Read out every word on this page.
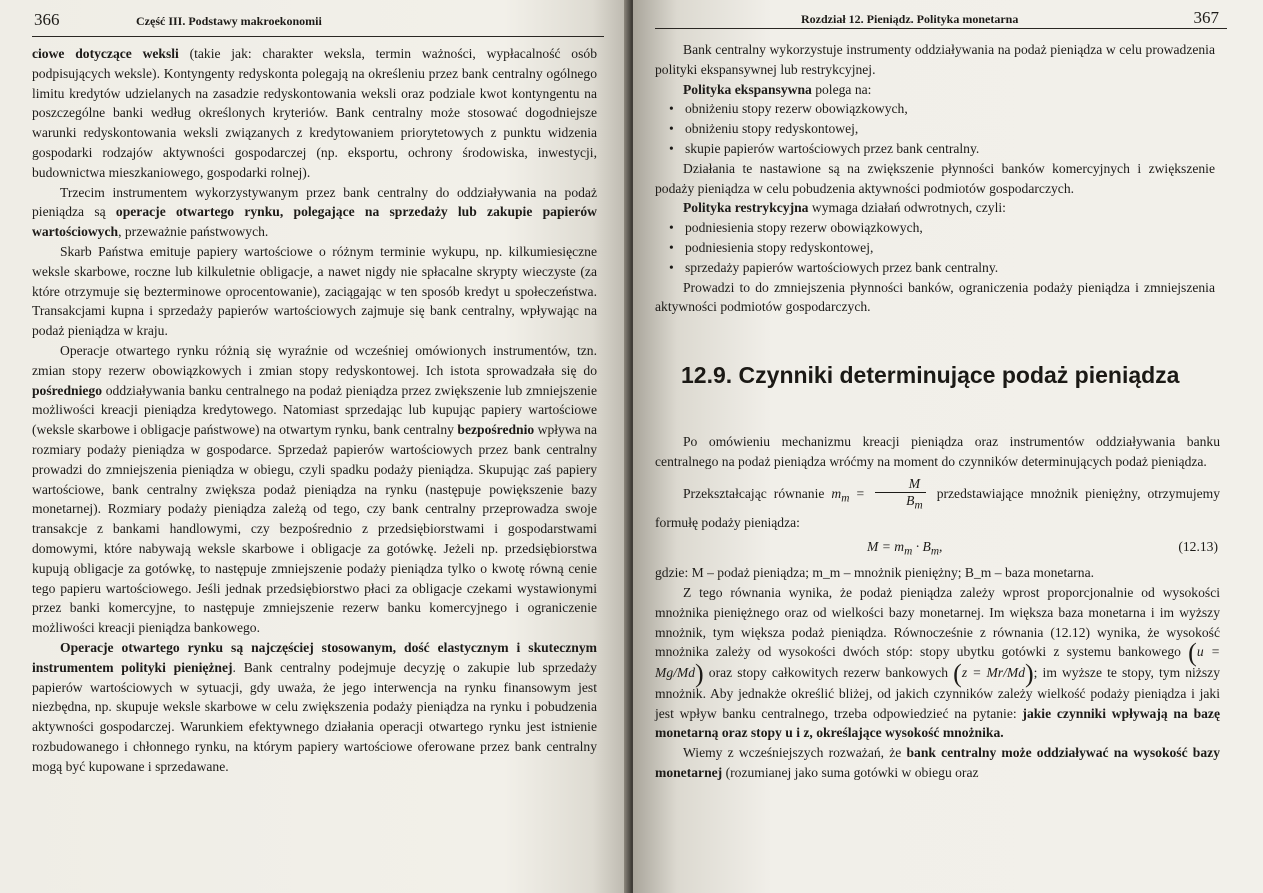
366	Część III. Podstawy makroekonomii

ciowe dotyczące weksli (takie jak: charakter weksla, termin ważności, wypłacalność osób podpisujących weksle). Kontyngenty redyskonta polegają na określeniu przez bank centralny ogólnego limitu kredytów udzielanych na zasadzie redyskontowania weksli oraz podziale kwot kontyngentu na poszczególne banki według określonych kryteriów. Bank centralny może stosować dogodniejsze warunki redyskontowania weksli związanych z kredytowaniem priorytetowych z punktu widzenia gospodarki rodzajów aktywności gospodarczej (np. eksportu, ochrony środowiska, inwestycji, budownictwa mieszkaniowego, gospodarki rolnej).

Trzecim instrumentem wykorzystywanym przez bank centralny do oddziaływania na podaż pieniądza są operacje otwartego rynku, polegające na sprzedaży lub zakupie papierów wartościowych, przeważnie państwowych.

Skarb Państwa emituje papiery wartościowe o różnym terminie wykupu, np. kilkumiesięczne weksle skarbowe, roczne lub kilkuletnie obligacje, a nawet nigdy nie spłacalne skrypty wieczyste (za które otrzymuje się bezterminowe oprocentowanie), zaciągając w ten sposób kredyt u społeczeństwa. Transakcjami kupna i sprzedaży papierów wartościowych zajmuje się bank centralny, wpływając na podaż pieniądza w kraju.

Operacje otwartego rynku różnią się wyraźnie od wcześniej omówionych instrumentów, tzn. zmian stopy rezerw obowiązkowych i zmian stopy redyskontowej. Ich istota sprowadzała się do pośredniego oddziaływania banku centralnego na podaż pieniądza przez zwiększenie lub zmniejszenie możliwości kreacji pieniądza kredytowego. Natomiast sprzedając lub kupując papiery wartościowe (weksle skarbowe i obligacje państwowe) na otwartym rynku, bank centralny bezpośrednio wpływa na rozmiary podaży pieniądza w gospodarce. Sprzedaż papierów wartościowych przez bank centralny prowadzi do zmniejszenia pieniądza w obiegu, czyli spadku podaży pieniądza. Skupując zaś papiery wartościowe, bank centralny zwiększa podaż pieniądza na rynku (następuje powiększenie bazy monetarnej). Rozmiary podaży pieniądza zależą od tego, czy bank centralny przeprowadza swoje transakcje z bankami handlowymi, czy bezpośrednio z przedsiębiorstwami i gospodarstwami domowymi, które nabywają weksle skarbowe i obligacje za gotówkę. Jeżeli np. przedsiębiorstwa kupują obligacje za gotówkę, to następuje zmniejszenie podaży pieniądza tylko o kwotę równą cenie tego papieru wartościowego. Jeśli jednak przedsiębiorstwo płaci za obligacje czekami wystawionymi przez banki komercyjne, to następuje zmniejszenie rezerw banku komercyjnego i ograniczenie możliwości kreacji pieniądza bankowego.

Operacje otwartego rynku są najczęściej stosowanym, dość elastycznym i skutecznym instrumentem polityki pieniężnej. Bank centralny podejmuje decyzję o zakupie lub sprzedaży papierów wartościowych w sytuacji, gdy uważa, że jego interwencja na rynku finansowym jest niezbędna, np. skupuje weksle skarbowe w celu zwiększenia podaży pieniądza na rynku i pobudzenia aktywności gospodarczej. Warunkiem efektywnego działania operacji otwartego rynku jest istnienie rozbudowanego i chłonnego rynku, na którym papiery wartościowe oferowane przez bank centralny mogą być kupowane i sprzedawane.

Rozdział 12. Pieniądz. Polityka monetarna	367

Bank centralny wykorzystuje instrumenty oddziaływania na podaż pieniądza w celu prowadzenia polityki ekspansywnej lub restrykcyjnej.

Polityka ekspansywna polega na:

• obniżeniu stopy rezerw obowiązkowych,
• obniżeniu stopy redyskontowej,
• skupie papierów wartościowych przez bank centralny.

Działania te nastawione są na zwiększenie płynności banków komercyjnych i zwiększenie podaży pieniądza w celu pobudzenia aktywności podmiotów gospodarczych.

Polityka restrykcyjna wymaga działań odwrotnych, czyli:

• podniesienia stopy rezerw obowiązkowych,
• podniesienia stopy redyskontowej,
• sprzedaży papierów wartościowych przez bank centralny.

Prowadzi to do zmniejszenia płynności banków, ograniczenia podaży pieniądza i zmniejszenia aktywności podmiotów gospodarczych.

12.9. Czynniki determinujące podaż pieniądza

Po omówieniu mechanizmu kreacji pieniądza oraz instrumentów oddziaływania banku centralnego na podaż pieniądza wróćmy na moment do czynników determinujących podaż pieniądza.

Przekształcając równanie $m_m = \frac{M}{B_m}$ przedstawiające mnożnik pieniężny, otrzymujemy formułę podaży pieniądza:

$M = m_m \cdot B_m$,	(12.13)

gdzie: M – podaż pieniądza; m_m – mnożnik pieniężny; B_m – baza monetarna.

Z tego równania wynika, że podaż pieniądza zależy wprost proporcjonalnie od wysokości mnożnika pieniężnego oraz od wielkości bazy monetarnej. Im większa baza monetarna i im wyższy mnożnik, tym większa podaż pieniądza. Równocześnie z równania (12.12) wynika, że wysokość mnożnika zależy od wysokości dwóch stóp: stopy ubytku gotówki z systemu bankowego (u = Mg/Md) oraz stopy całkowitych rezerw bankowych (z = Mr/Md); im wyższe te stopy, tym niższy mnożnik. Aby jednakże określić bliżej, od jakich czynników zależy wielkość podaży pieniądza i jaki jest wpływ banku centralnego, trzeba odpowiedzieć na pytanie: jakie czynniki wpływają na bazę monetarną oraz stopy u i z, określające wysokość mnożnika.

Wiemy z wcześniejszych rozważań, że bank centralny może oddziaływać na wysokość bazy monetarnej (rozumianej jako suma gotówki w obiegu oraz
